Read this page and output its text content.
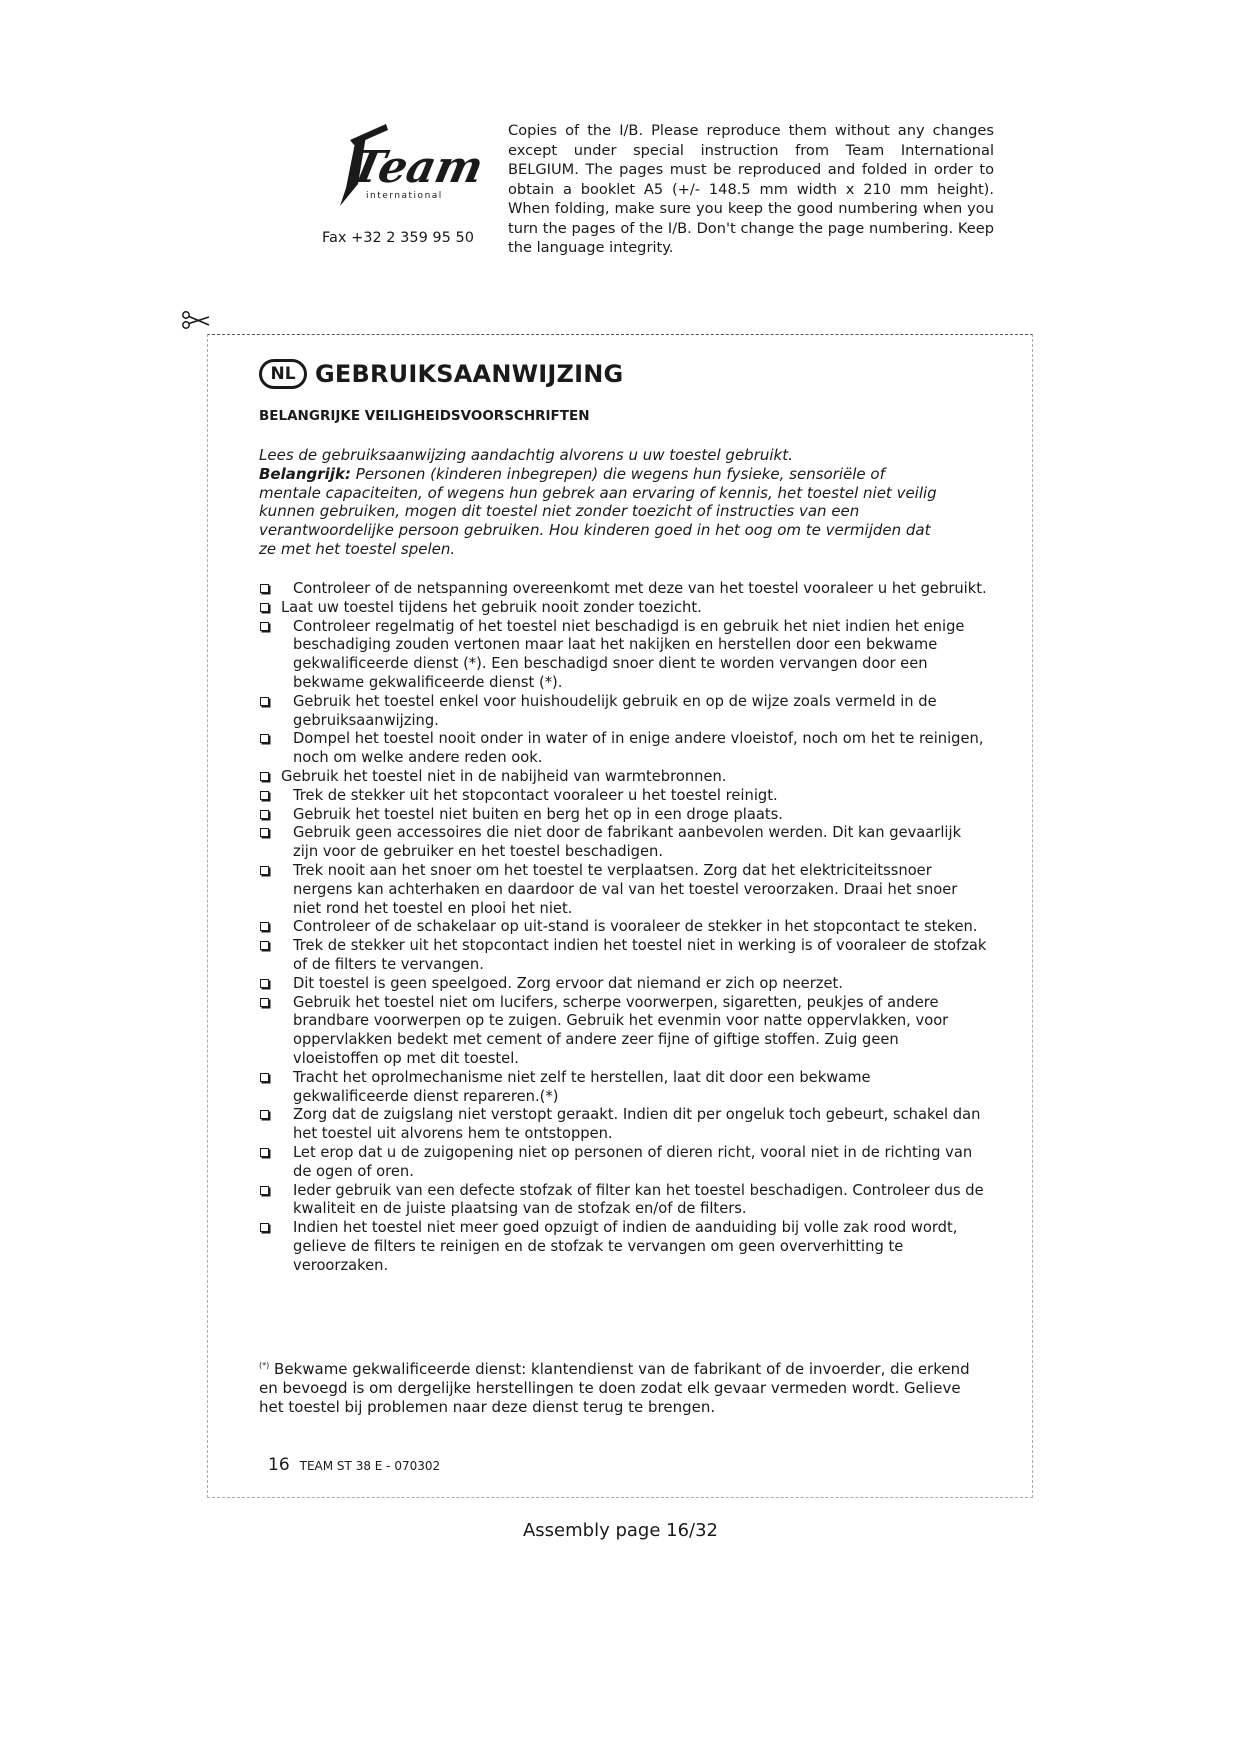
Team
international
Fax +32 2 359 95 50
Copies of the I/B. Please reproduce them without any changes except under special instruction from Team International BELGIUM. The pages must be reproduced and folded in order to obtain a booklet A5 (+/- 148.5 mm width x 210 mm height). When folding, make sure you keep the good numbering when you turn the pages of the I/B. Don't change the page numbering. Keep the language integrity.
NL GEBRUIKSAANWIJZING
BELANGRIJKE VEILIGHEIDSVOORSCHRIFTEN
Lees de gebruiksaanwijzing aandachtig alvorens u uw toestel gebruikt.
Belangrijk: Personen (kinderen inbegrepen) die wegens hun fysieke, sensoriële of mentale capaciteiten, of wegens hun gebrek aan ervaring of kennis, het toestel niet veilig kunnen gebruiken, mogen dit toestel niet zonder toezicht of instructies van een verantwoordelijke persoon gebruiken. Hou kinderen goed in het oog om te vermijden dat ze met het toestel spelen.
Controleer of de netspanning overeenkomt met deze van het toestel vooraleer u het gebruikt.
Laat uw toestel tijdens het gebruik nooit zonder toezicht.
Controleer regelmatig of het toestel niet beschadigd is en gebruik het niet indien het enige beschadiging zouden vertonen maar laat het nakijken en herstellen door een bekwame gekwalificeerde dienst (*). Een beschadigd snoer dient te worden vervangen door een bekwame gekwalificeerde dienst (*).
Gebruik het toestel enkel voor huishoudelijk gebruik en op de wijze zoals vermeld in de gebruiksaanwijzing.
Dompel het toestel nooit onder in water of in enige andere vloeistof, noch om het te reinigen, noch om welke andere reden ook.
Gebruik het toestel niet in de nabijheid van warmtebronnen.
Trek de stekker uit het stopcontact vooraleer u het toestel reinigt.
Gebruik het toestel niet buiten en berg het op in een droge plaats.
Gebruik geen accessoires die niet door de fabrikant aanbevolen werden. Dit kan gevaarlijk zijn voor de gebruiker en het toestel beschadigen.
Trek nooit aan het snoer om het toestel te verplaatsen. Zorg dat het elektriciteitssnoer nergens kan achterhaken en daardoor de val van het toestel veroorzaken. Draai het snoer niet rond het toestel en plooi het niet.
Controleer of de schakelaar op uit-stand is vooraleer de stekker in het stopcontact te steken.
Trek de stekker uit het stopcontact indien het toestel niet in werking is of vooraleer de stofzak of de filters te vervangen.
Dit toestel is geen speelgoed. Zorg ervoor dat niemand er zich op neerzet.
Gebruik het toestel niet om lucifers, scherpe voorwerpen, sigaretten, peukjes of andere brandbare voorwerpen op te zuigen. Gebruik het evenmin voor natte oppervlakken, voor oppervlakken bedekt met cement of andere zeer fijne of giftige stoffen. Zuig geen vloeistoffen op met dit toestel.
Tracht het oprolmechanisme niet zelf te herstellen, laat dit door een bekwame gekwalificeerde dienst repareren.(*)
Zorg dat de zuigslang niet verstopt geraakt. Indien dit per ongeluk toch gebeurt, schakel dan het toestel uit alvorens hem te ontstoppen.
Let erop dat u de zuigopening niet op personen of dieren richt, vooral niet in de richting van de ogen of oren.
Ieder gebruik van een defecte stofzak of filter kan het toestel beschadigen. Controleer dus de kwaliteit en de juiste plaatsing van de stofzak en/of de filters.
Indien het toestel niet meer goed opzuigt of indien de aanduiding bij volle zak rood wordt, gelieve de filters te reinigen en de stofzak te vervangen om geen oververhitting te veroorzaken.
(*) Bekwame gekwalificeerde dienst: klantendienst van de fabrikant of de invoerder, die erkend en bevoegd is om dergelijke herstellingen te doen zodat elk gevaar vermeden wordt. Gelieve het toestel bij problemen naar deze dienst terug te brengen.
16 TEAM ST 38 E - 070302
Assembly page 16/32
